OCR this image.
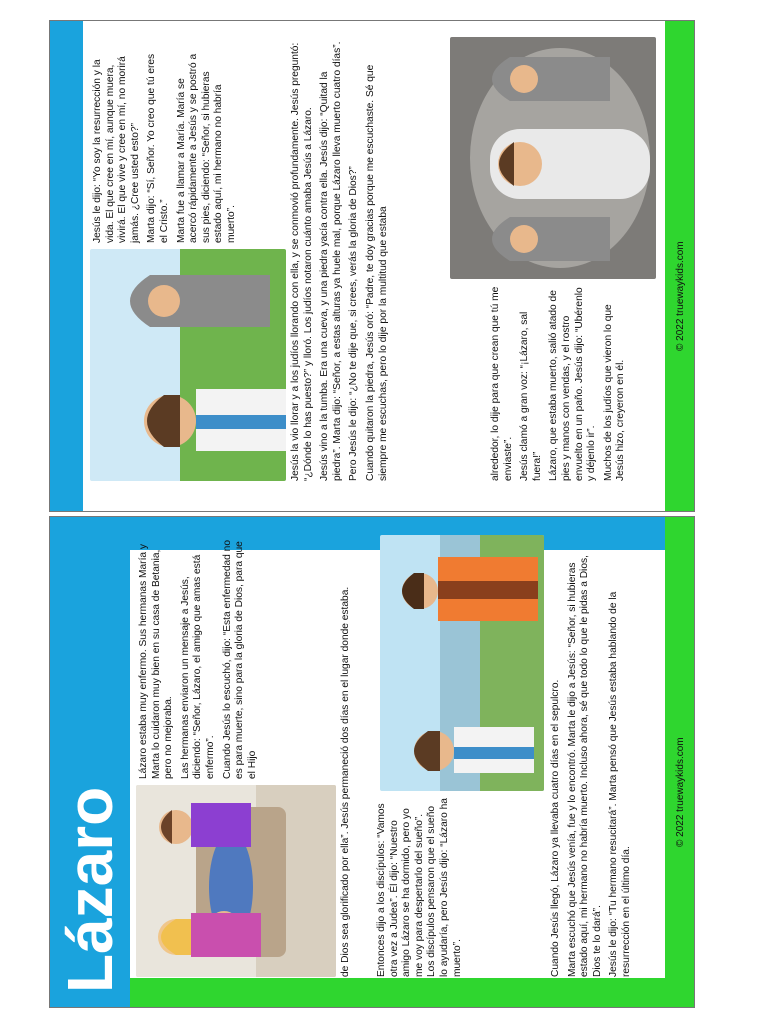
Lázaro

Lázaro estaba muy enfermo. Sus hermanas María y Marta lo cuidaron muy bien en su casa de Betania, pero no mejoraba. Las hermanas enviaron un mensaje a Jesús, diciendo: “Señor, Lázaro, el amigo que amas está enfermo”. Cuando Jesús lo escuchó, dijo: “Esta enfermedad no es para muerte, sino para la gloria de Dios, para que el Hijo	de Dios sea glorificado por ella”. Jesús permaneció dos días en el lugar donde estaba. Entonces dijo a los discípulos: “Vamos otra vez a Judea”. Él dijo: “Nuestro amigo Lázaro se ha dormido, pero yo me voy para despertarlo del sueño”. Los discípulos pensaron que el sueño lo ayudaría, pero Jesús dijo: “Lázaro ha muerto”.	Cuando Jesús llegó, Lázaro ya llevaba cuatro días en el sepulcro. Marta escuchó que Jesús venía, fue y lo encontró. Marta le dijo a Jesús: “Señor, si hubieras estado aquí, mi hermano no habría muerto. Incluso ahora, sé que todo lo que le pidas a Dios, Dios te lo dará”. Jesús le dijo: “Tu hermano resucitará”. Marta pensó que Jesús estaba hablando de la resurrección en el último día.

© 2022 truewaykids.com

Jesús le dijo: “Yo soy la resurrección y la vida. El que cree en mí, aunque muera, vivirá. El que vive y cree en mí, no morirá jamás. ¿Cree usted esto?” Marta dijo: “Sí, Señor. Yo creo que tú eres el Cristo.” Marta fue a llamar a María. María se acercó rápidamente a Jesús y se postró a sus pies, diciendo: “Señor, si hubieras estado aquí, mi hermano no habría muerto”.	Jesús la vio llorar y a los judíos llorando con ella, y se conmovió profundamente. Jesús preguntó: “¿Dónde lo has puesto?” y lloró. Los judíos notaron cuánto amaba Jesús a Lázaro. Jesús vino a la tumba. Era una cueva, y una piedra yacía contra ella. Jesús dijo: “Quitad la piedra”. Marta dijo: “Señor, a estas alturas ya huele mal, porque Lázaro lleva muerto cuatro días”. Pero Jesús le dijo: “¿No te dije que, si crees, verás la gloria de Dios?” Cuando quitaron la piedra, Jesús oró: “Padre, te doy gracias porque me escuchaste. Sé que siempre me escuchas, pero lo dije por la multitud que estaba	alrededor, lo dije para que crean que tú me enviaste”. Jesús clamó a gran voz: “¡Lázaro, sal fuera!” Lázaro, que estaba muerto, salió atado de pies y manos con vendas, y el rostro envuelto en un paño. Jesús dijo: “Ubérenlo y déjenlo ir”. Muchos de los judíos que vieron lo que Jesús hizo, creyeron en él.

© 2022 truewaykids.com
